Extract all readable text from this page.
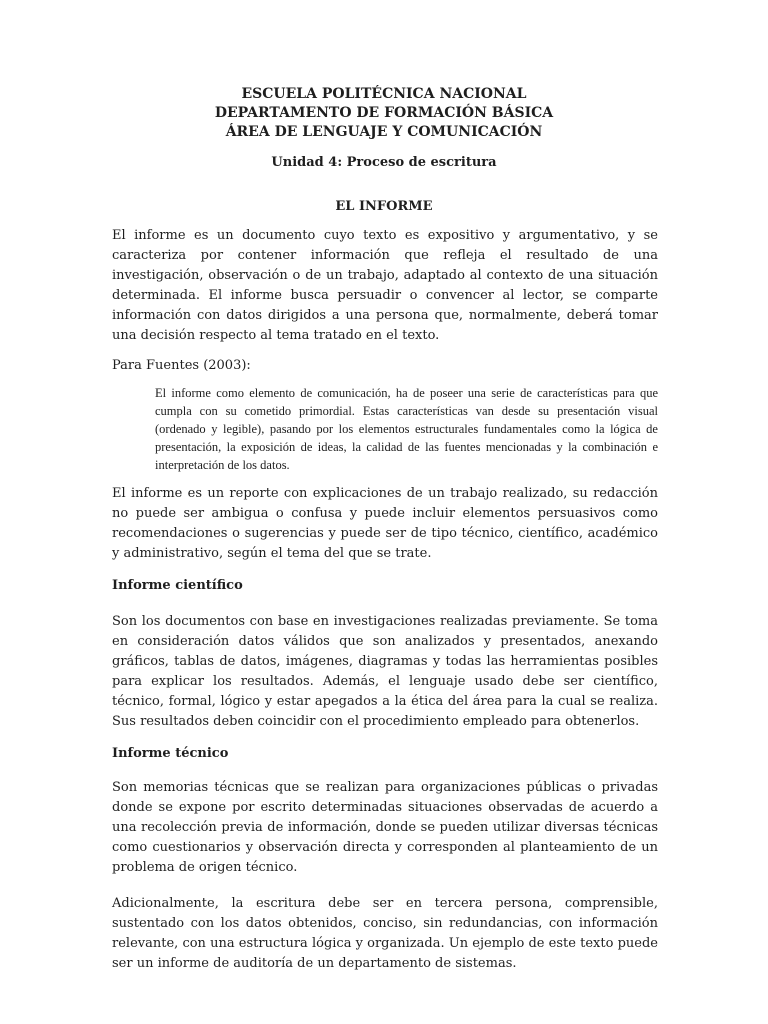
ESCUELA POLITÉCNICA NACIONAL
DEPARTAMENTO DE FORMACIÓN BÁSICA
ÁREA DE LENGUAJE Y COMUNICACIÓN
Unidad 4: Proceso de escritura
EL INFORME

El informe es un documento cuyo texto es expositivo y argumentativo, y se caracteriza por contener información que refleja el resultado de una investigación, observación o de un trabajo, adaptado al contexto de una situación determinada. El informe busca persuadir o convencer al lector, se comparte información con datos dirigidos a una persona que, normalmente, deberá tomar una decisión respecto al tema tratado en el texto.

Para Fuentes (2003):

El informe como elemento de comunicación, ha de poseer una serie de características para que cumpla con su cometido primordial. Estas características van desde su presentación visual (ordenado y legible), pasando por los elementos estructurales fundamentales como la lógica de presentación, la exposición de ideas, la calidad de las fuentes mencionadas y la combinación e interpretación de los datos.

El informe es un reporte con explicaciones de un trabajo realizado, su redacción no puede ser ambigua o confusa y puede incluir elementos persuasivos como recomendaciones o sugerencias y puede ser de tipo técnico, científico, académico y administrativo, según el tema del que se trate.

Informe científico

Son los documentos con base en investigaciones realizadas previamente. Se toma en consideración datos válidos que son analizados y presentados, anexando gráficos, tablas de datos, imágenes, diagramas y todas las herramientas posibles para explicar los resultados. Además, el lenguaje usado debe ser científico, técnico, formal, lógico y estar apegados a la ética del área para la cual se realiza. Sus resultados deben coincidir con el procedimiento empleado para obtenerlos.

Informe técnico

Son memorias técnicas que se realizan para organizaciones públicas o privadas donde se expone por escrito determinadas situaciones observadas de acuerdo a una recolección previa de información, donde se pueden utilizar diversas técnicas como cuestionarios y observación directa y corresponden al planteamiento de un problema de origen técnico.

Adicionalmente, la escritura debe ser en tercera persona, comprensible, sustentado con los datos obtenidos, conciso, sin redundancias, con información relevante, con una estructura lógica y organizada. Un ejemplo de este texto puede ser un informe de auditoría de un departamento de sistemas.
